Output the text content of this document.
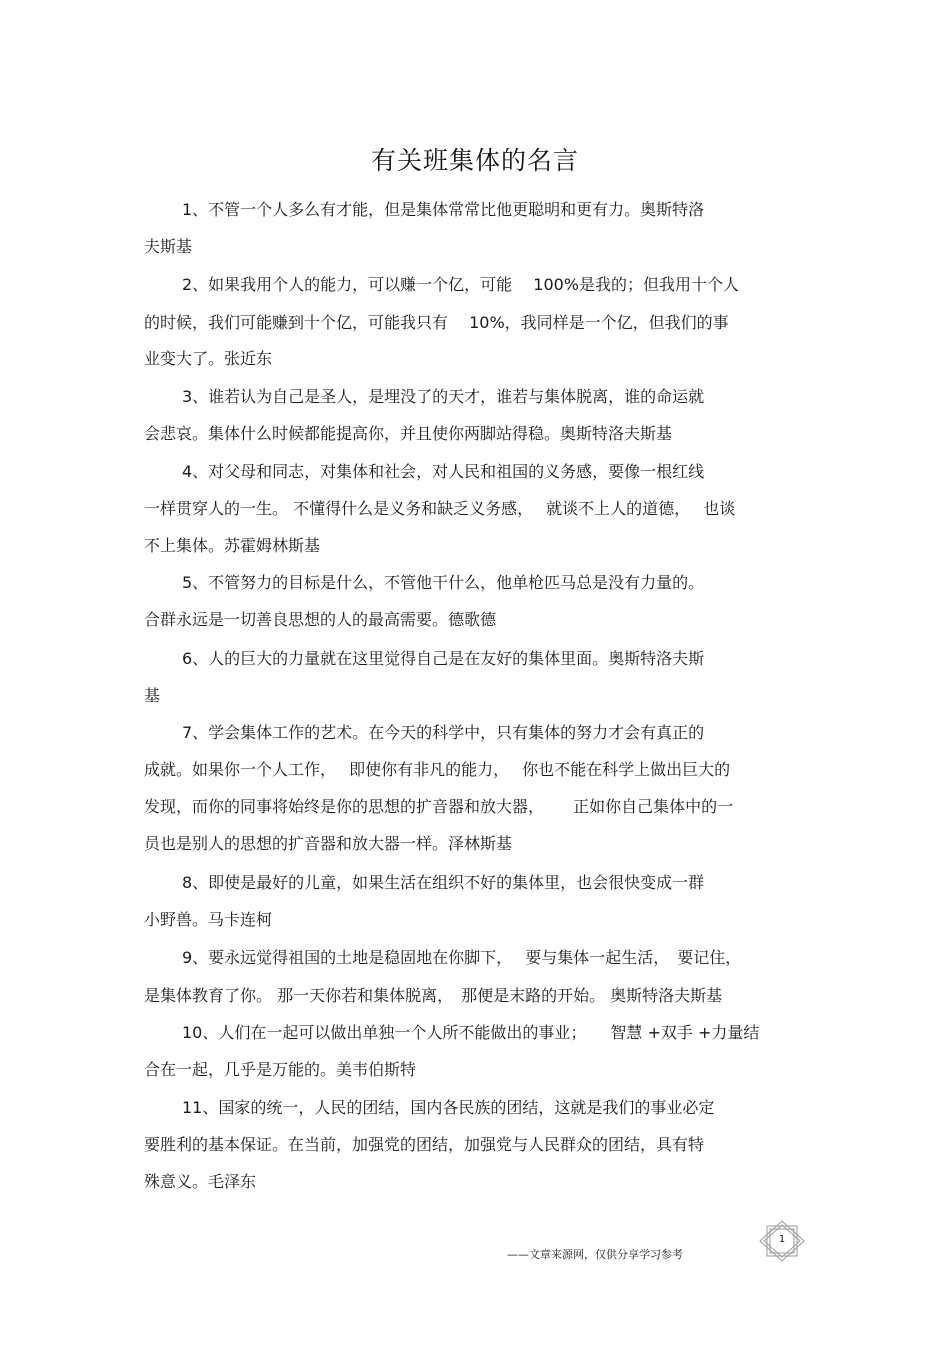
有关班集体的名言
1、不管一个人多么有才能，但是集体常常比他更聪明和更有力。奥斯特洛
夫斯基
2、如果我用个人的能力，可以赚一个亿，可能　 100%是我的；但我用十个人
的时候，我们可能赚到十个亿，可能我只有　 10%，我同样是一个亿，但我们的事
业变大了。张近东
3、谁若认为自己是圣人，是埋没了的天才，谁若与集体脱离，谁的命运就
会悲哀。集体什么时候都能提高你，并且使你两脚站得稳。奥斯特洛夫斯基
4、对父母和同志，对集体和社会，对人民和祖国的义务感，要像一根红线
一样贯穿人的一生。 不懂得什么是义务和缺乏义务感，　 就谈不上人的道德，　 也谈
不上集体。苏霍姆林斯基
5、不管努力的目标是什么，不管他干什么，他单枪匹马总是没有力量的。
合群永远是一切善良思想的人的最高需要。德歌德
6、人的巨大的力量就在这里觉得自己是在友好的集体里面。奥斯特洛夫斯
基
7、学会集体工作的艺术。在今天的科学中，只有集体的努力才会有真正的
成就。如果你一个人工作，　 即使你有非凡的能力，　 你也不能在科学上做出巨大的
发现，而你的同事将始终是你的思想的扩音器和放大器，　　 正如你自己集体中的一
员也是别人的思想的扩音器和放大器一样。泽林斯基
8、即使是最好的儿童，如果生活在组织不好的集体里，也会很快变成一群
小野兽。马卡连柯
9、要永远觉得祖国的土地是稳固地在你脚下，　 要与集体一起生活，　要记住，
是集体教育了你。 那一天你若和集体脱离，　那便是末路的开始。 奥斯特洛夫斯基
10、人们在一起可以做出单独一个人所不能做出的事业；　　智慧 +双手 +力量结
合在一起，几乎是万能的。美韦伯斯特
11、国家的统一，人民的团结，国内各民族的团结，这就是我们的事业必定
要胜利的基本保证。在当前，加强党的团结，加强党与人民群众的团结，具有特
殊意义。毛泽东
——文章来源网，仅供分享学习参考
1
